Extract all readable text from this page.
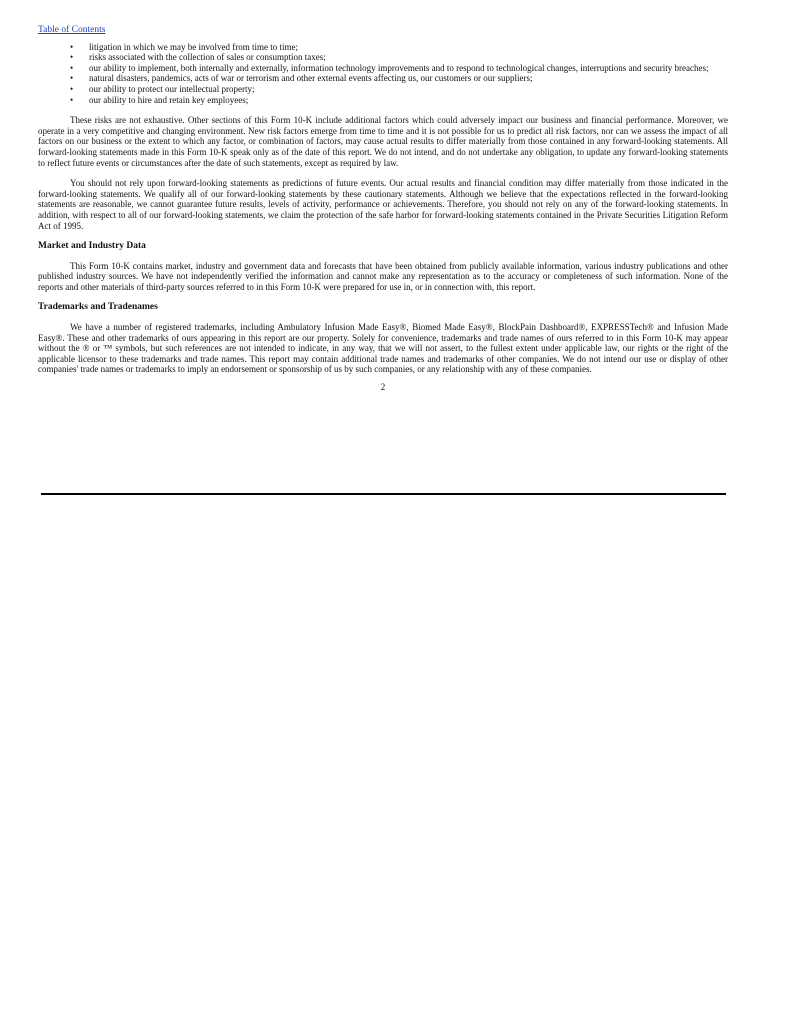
Table of Contents
• litigation in which we may be involved from time to time;
• risks associated with the collection of sales or consumption taxes;
• our ability to implement, both internally and externally, information technology improvements and to respond to technological changes, interruptions and security breaches;
• natural disasters, pandemics, acts of war or terrorism and other external events affecting us, our customers or our suppliers;
• our ability to protect our intellectual property;
• our ability to hire and retain key employees;

These risks are not exhaustive. Other sections of this Form 10-K include additional factors which could adversely impact our business and financial performance. Moreover, we operate in a very competitive and changing environment. New risk factors emerge from time to time and it is not possible for us to predict all risk factors, nor can we assess the impact of all factors on our business or the extent to which any factor, or combination of factors, may cause actual results to differ materially from those contained in any forward-looking statements. All forward-looking statements made in this Form 10-K speak only as of the date of this report. We do not intend, and do not undertake any obligation, to update any forward-looking statements to reflect future events or circumstances after the date of such statements, except as required by law.

You should not rely upon forward-looking statements as predictions of future events. Our actual results and financial condition may differ materially from those indicated in the forward-looking statements. We qualify all of our forward-looking statements by these cautionary statements. Although we believe that the expectations reflected in the forward-looking statements are reasonable, we cannot guarantee future results, levels of activity, performance or achievements. Therefore, you should not rely on any of the forward-looking statements. In addition, with respect to all of our forward-looking statements, we claim the protection of the safe harbor for forward-looking statements contained in the Private Securities Litigation Reform Act of 1995.

Market and Industry Data

This Form 10-K contains market, industry and government data and forecasts that have been obtained from publicly available information, various industry publications and other published industry sources. We have not independently verified the information and cannot make any representation as to the accuracy or completeness of such information. None of the reports and other materials of third-party sources referred to in this Form 10-K were prepared for use in, or in connection with, this report.

Trademarks and Tradenames

We have a number of registered trademarks, including Ambulatory Infusion Made Easy®, Biomed Made Easy®, BlockPain Dashboard®, EXPRESSTech® and Infusion Made Easy®. These and other trademarks of ours appearing in this report are our property. Solely for convenience, trademarks and trade names of ours referred to in this Form 10-K may appear without the ® or ™ symbols, but such references are not intended to indicate, in any way, that we will not assert, to the fullest extent under applicable law, our rights or the right of the applicable licensor to these trademarks and trade names. This report may contain additional trade names and trademarks of other companies. We do not intend our use or display of other companies' trade names or trademarks to imply an endorsement or sponsorship of us by such companies, or any relationship with any of these companies.

2
